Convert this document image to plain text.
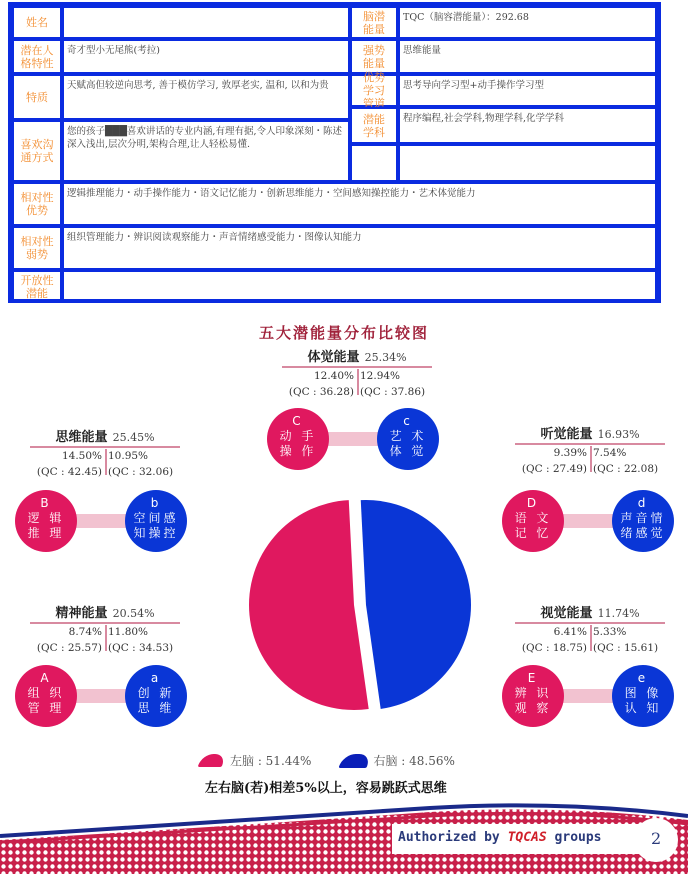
姓名
潜在人格特性
奇才型小无尾熊(考拉)
特质
天赋高但较逆向思考, 善于模仿学习, 敦厚老实, 温和, 以和为贵
喜欢沟通方式
您的孩子███喜欢讲话的专业内涵,有理有据,令人印象深刻・陈述深入浅出,层次分明,架构合理,让人轻松易懂.
脑潜能量
TQC（脑容潜能量）：292.68
强势能量
思维能量
优势学习管道
思考导向学习型+动手操作学习型
潜能学科
程序编程,社会学科,物理学科,化学学科
相对性优势
逻辑推理能力・动手操作能力・语文记忆能力・创新思维能力・空间感知操控能力・艺术体觉能力
相对性弱势
组织管理能力・辨识阅读观察能力・声音情绪感受能力・图像认知能力
开放性潜能
五大潜能量分布比较图
体觉能量 25.34%
12.40% 12.94%
(QC : 36.28) (QC : 37.86)
C
动 手
操 作
c
艺 术
体 觉
思维能量 25.45%
14.50% 10.95%
(QC : 42.45) (QC : 32.06)
B
逻 辑
推 理
b
空间感
知操控
听觉能量 16.93%
9.39% 7.54%
(QC : 27.49) (QC : 22.08)
D
语 文
记 忆
d
声音情
绪感觉
精神能量 20.54%
8.74% 11.80%
(QC : 25.57) (QC : 34.53)
A
组 织
管 理
a
创 新
思 维
视觉能量 11.74%
6.41% 5.33%
(QC : 18.75) (QC : 15.61)
E
辨 识
观 察
e
图 像
认 知
左脑 : 51.44%	右脑 : 48.56%
左右脑(若)相差5%以上，容易跳跃式思维
Authorized by TQCAS groups	2
